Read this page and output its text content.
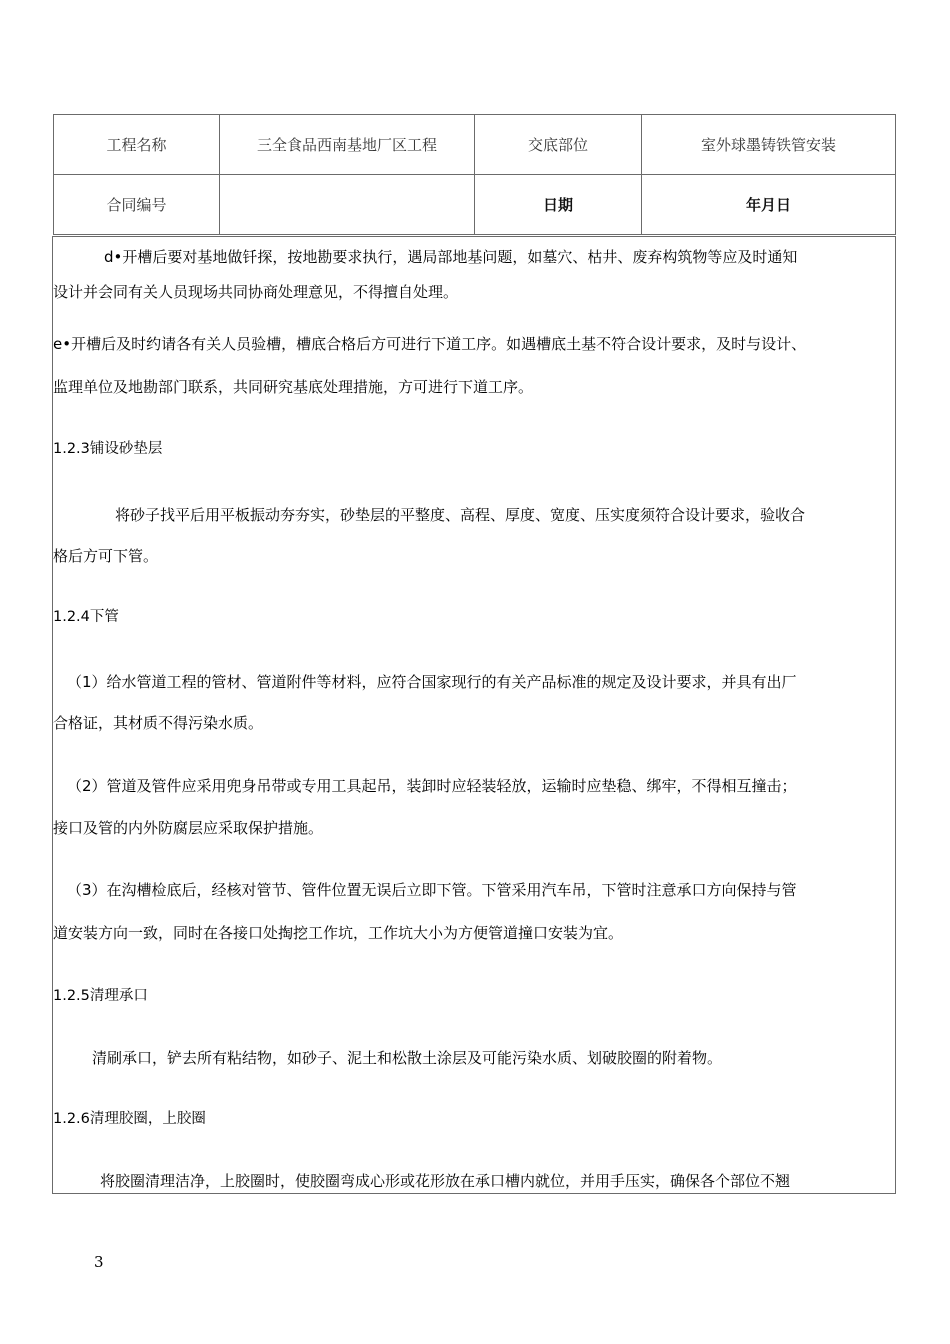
工程名称	三全食品西南基地厂区工程	交底部位	室外球墨铸铁管安装
合同编号		日期	年月日
d•开槽后要对基地做钎探，按地勘要求执行，遇局部地基问题，如墓穴、枯井、废弃构筑物等应及时通知
设计并会同有关人员现场共同协商处理意见，不得擅自处理。
e•开槽后及时约请各有关人员验槽，槽底合格后方可进行下道工序。如遇槽底土基不符合设计要求，及时与设计、
监理单位及地勘部门联系，共同研究基底处理措施，方可进行下道工序。
1.2.3铺设砂垫层
将砂子找平后用平板振动夯夯实，砂垫层的平整度、高程、厚度、宽度、压实度须符合设计要求，验收合
格后方可下管。
1.2.4下管
（1）给水管道工程的管材、管道附件等材料，应符合国家现行的有关产品标准的规定及设计要求，并具有出厂
合格证，其材质不得污染水质。
（2）管道及管件应采用兜身吊带或专用工具起吊，装卸时应轻装轻放，运输时应垫稳、绑牢，不得相互撞击；
接口及管的内外防腐层应采取保护措施。
（3）在沟槽检底后，经核对管节、管件位置无误后立即下管。下管采用汽车吊，下管时注意承口方向保持与管
道安装方向一致，同时在各接口处掏挖工作坑，工作坑大小为方便管道撞口安装为宜。
1.2.5清理承口
清刷承口，铲去所有粘结物，如砂子、泥土和松散土涂层及可能污染水质、划破胶圈的附着物。
1.2.6清理胶圈，上胶圈
将胶圈清理洁净，上胶圈时，使胶圈弯成心形或花形放在承口槽内就位，并用手压实，确保各个部位不翘
3
